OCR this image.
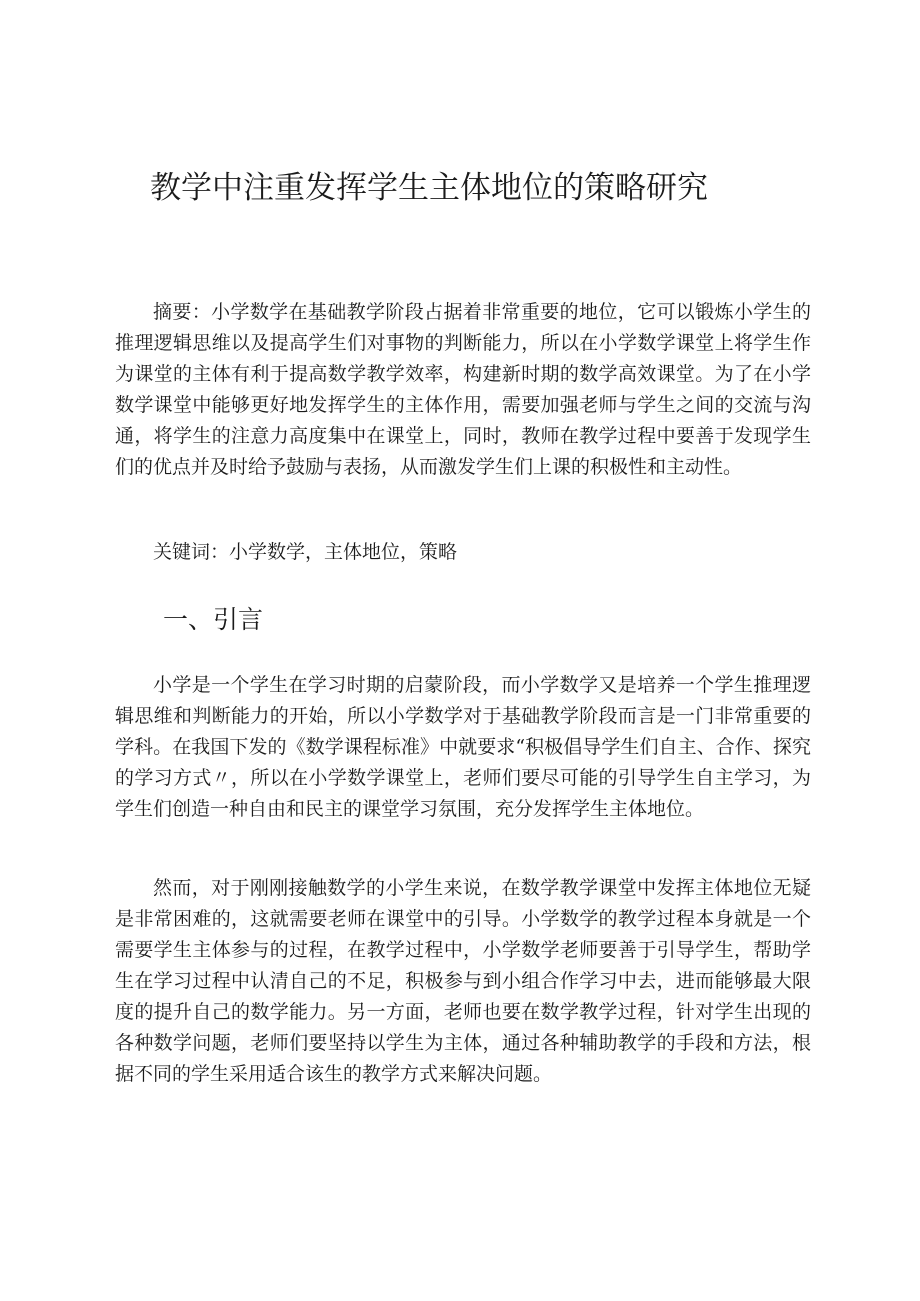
教学中注重发挥学生主体地位的策略研究

摘要：小学数学在基础教学阶段占据着非常重要的地位，它可以锻炼小学生的推理逻辑思维以及提高学生们对事物的判断能力，所以在小学数学课堂上将学生作为课堂的主体有利于提高数学教学效率，构建新时期的数学高效课堂。为了在小学数学课堂中能够更好地发挥学生的主体作用，需要加强老师与学生之间的交流与沟通，将学生的注意力高度集中在课堂上，同时，教师在教学过程中要善于发现学生们的优点并及时给予鼓励与表扬，从而激发学生们上课的积极性和主动性。

关键词：小学数学，主体地位，策略

一、引言

小学是一个学生在学习时期的启蒙阶段，而小学数学又是培养一个学生推理逻辑思维和判断能力的开始，所以小学数学对于基础教学阶段而言是一门非常重要的学科。在我国下发的《数学课程标准》中就要求“积极倡导学生们自主、合作、探究的学习方式〃，所以在小学数学课堂上，老师们要尽可能的引导学生自主学习，为学生们创造一种自由和民主的课堂学习氛围，充分发挥学生主体地位。

然而，对于刚刚接触数学的小学生来说，在数学教学课堂中发挥主体地位无疑是非常困难的，这就需要老师在课堂中的引导。小学数学的教学过程本身就是一个需要学生主体参与的过程，在教学过程中，小学数学老师要善于引导学生，帮助学生在学习过程中认清自己的不足，积极参与到小组合作学习中去，进而能够最大限度的提升自己的数学能力。另一方面，老师也要在数学教学过程，针对学生出现的各种数学问题，老师们要坚持以学生为主体，通过各种辅助教学的手段和方法，根据不同的学生采用适合该生的教学方式来解决问题。
